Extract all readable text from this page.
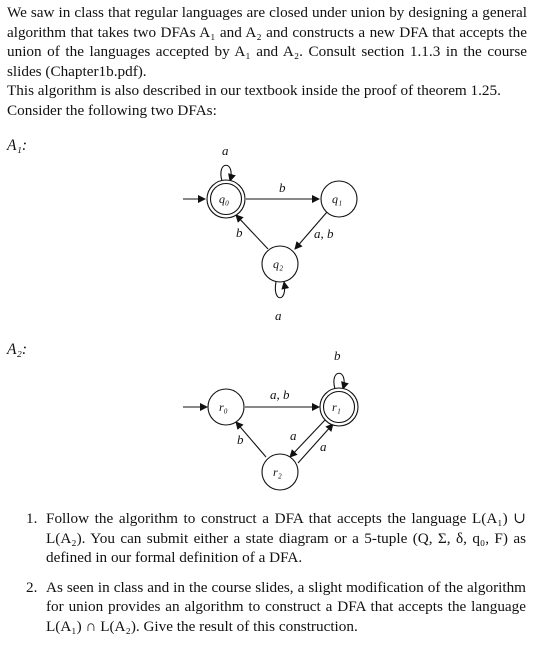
We saw in class that regular languages are closed under union by designing a general algorithm that takes two DFAs A₁ and A₂ and constructs a new DFA that accepts the union of the languages accepted by A₁ and A₂. Consult section 1.1.3 in the course slides (Chapter1b.pdf).

This algorithm is also described in our textbook inside the proof of theorem 1.25.

Consider the following two DFAs:

A₁:	a
b
a, b
b
a
q₀	q₁
q₂
A₂:	b
a, b
b	a
a
r₀	r₁
r₂
1. Follow the algorithm to construct a DFA that accepts the language L(A₁) ∪ L(A₂). You can submit either a state diagram or a 5-tuple (Q, Σ, δ, q₀, F) as defined in our formal definition of a DFA.
2. As seen in class and in the course slides, a slight modification of the algorithm for union provides an algorithm to construct a DFA that accepts the language L(A₁) ∩ L(A₂). Give the result of this construction.
